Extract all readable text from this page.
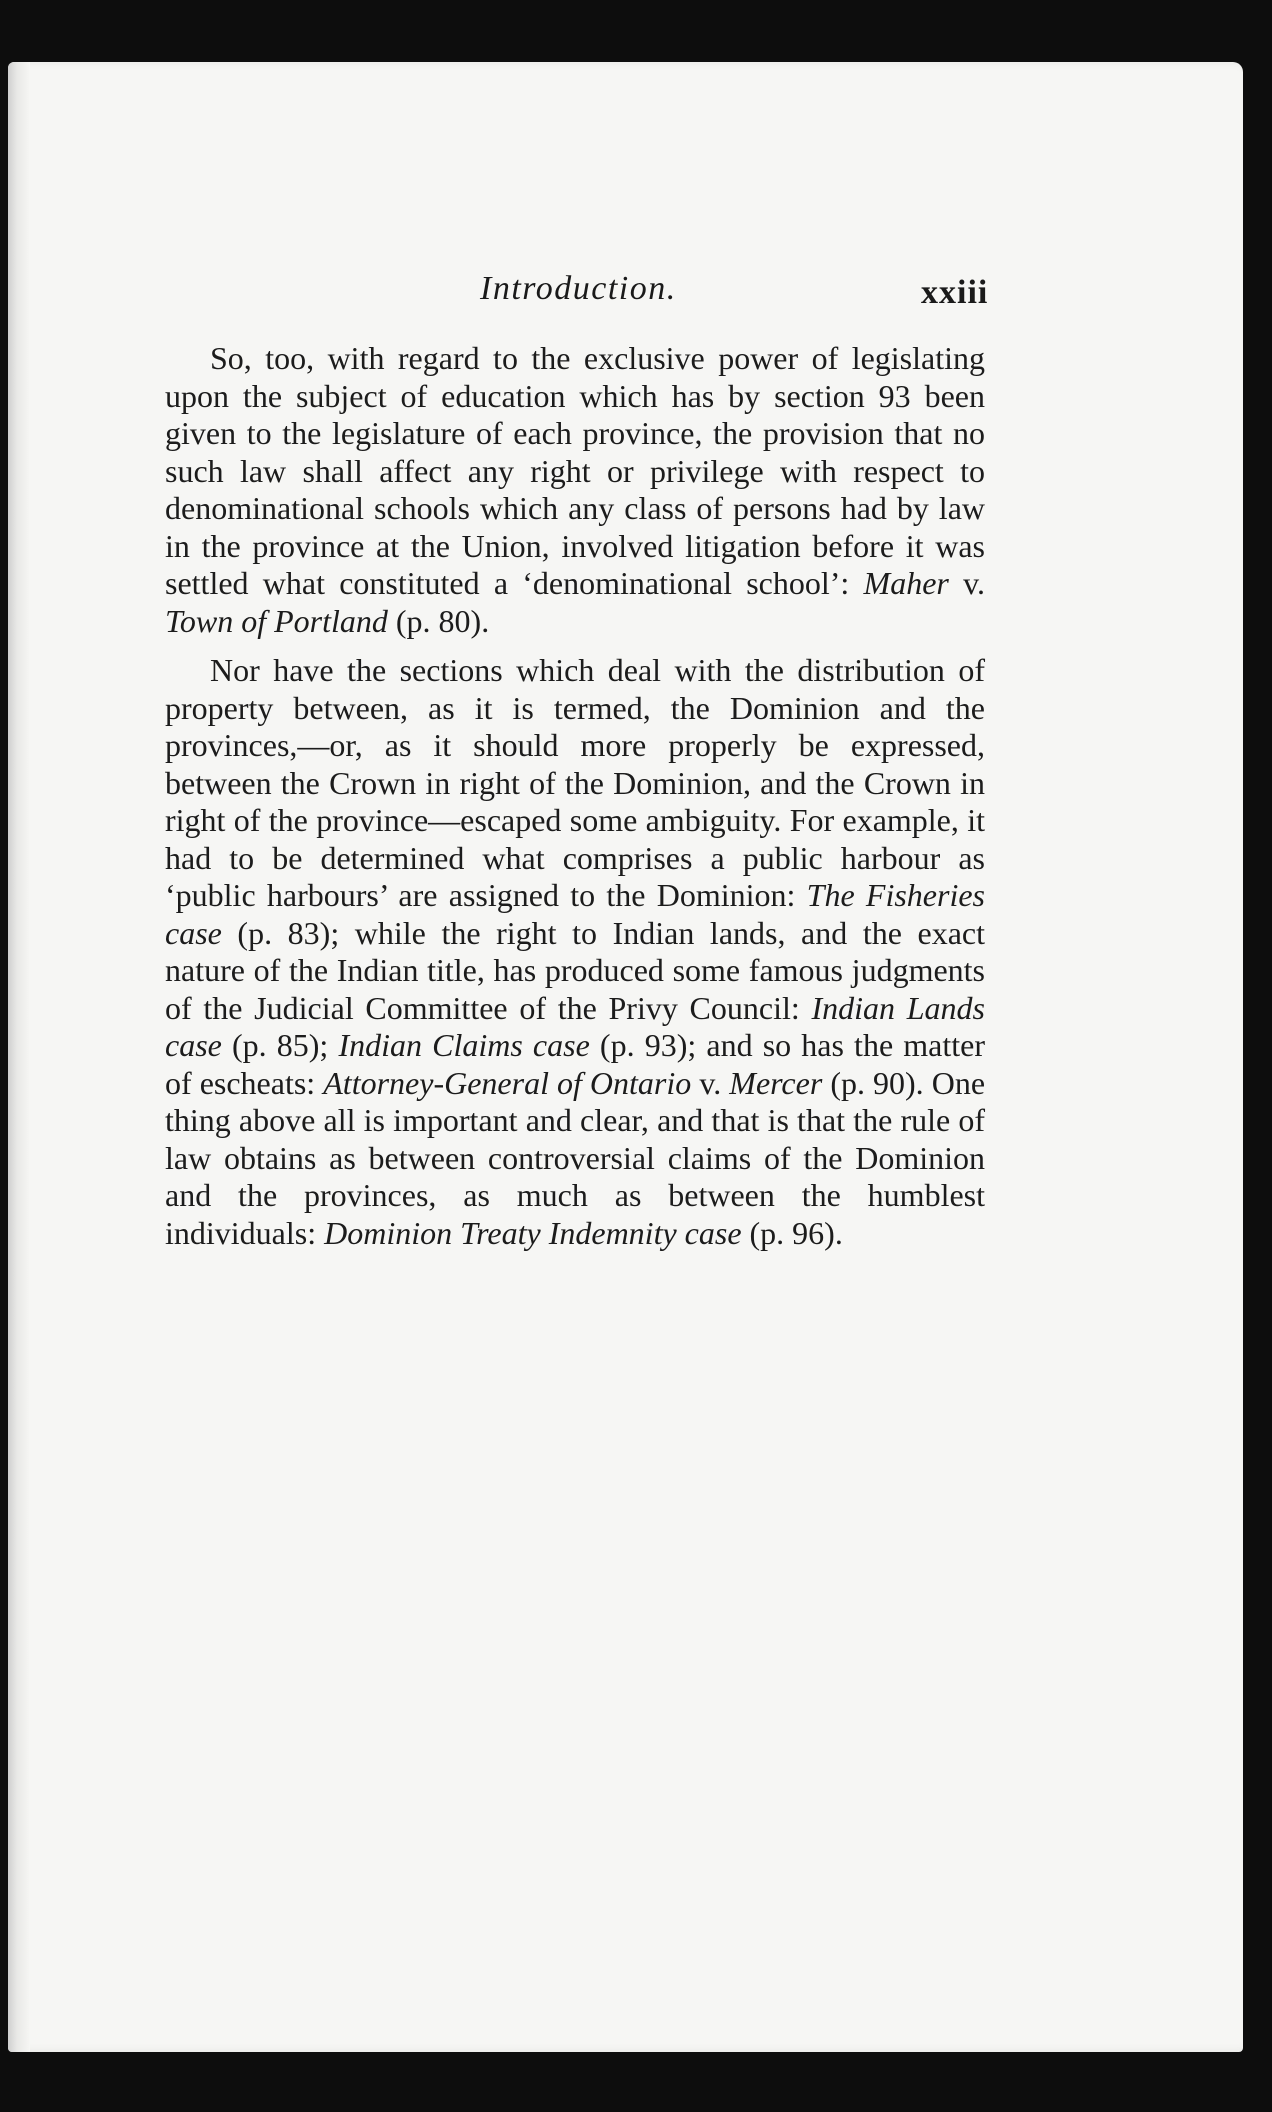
Introduction.	xxiii

So, too, with regard to the exclusive power of legislating upon the subject of education which has by section 93 been given to the legislature of each province, the provision that no such law shall affect any right or privilege with respect to denominational schools which any class of persons had by law in the province at the Union, involved litigation before it was settled what constituted a ‘denominational school’: Maher v. Town of Portland (p. 80).

Nor have the sections which deal with the distribution of property between, as it is termed, the Dominion and the provinces,—or, as it should more properly be expressed, between the Crown in right of the Dominion, and the Crown in right of the province—escaped some ambiguity. For example, it had to be determined what comprises a public harbour as ‘public harbours’ are assigned to the Dominion: The Fisheries case (p. 83); while the right to Indian lands, and the exact nature of the Indian title, has produced some famous judgments of the Judicial Committee of the Privy Council: Indian Lands case (p. 85); Indian Claims case (p. 93); and so has the matter of escheats: Attorney-General of Ontario v. Mercer (p. 90). One thing above all is important and clear, and that is that the rule of law obtains as between controversial claims of the Dominion and the provinces, as much as between the humblest individuals: Dominion Treaty Indemnity case (p. 96).
